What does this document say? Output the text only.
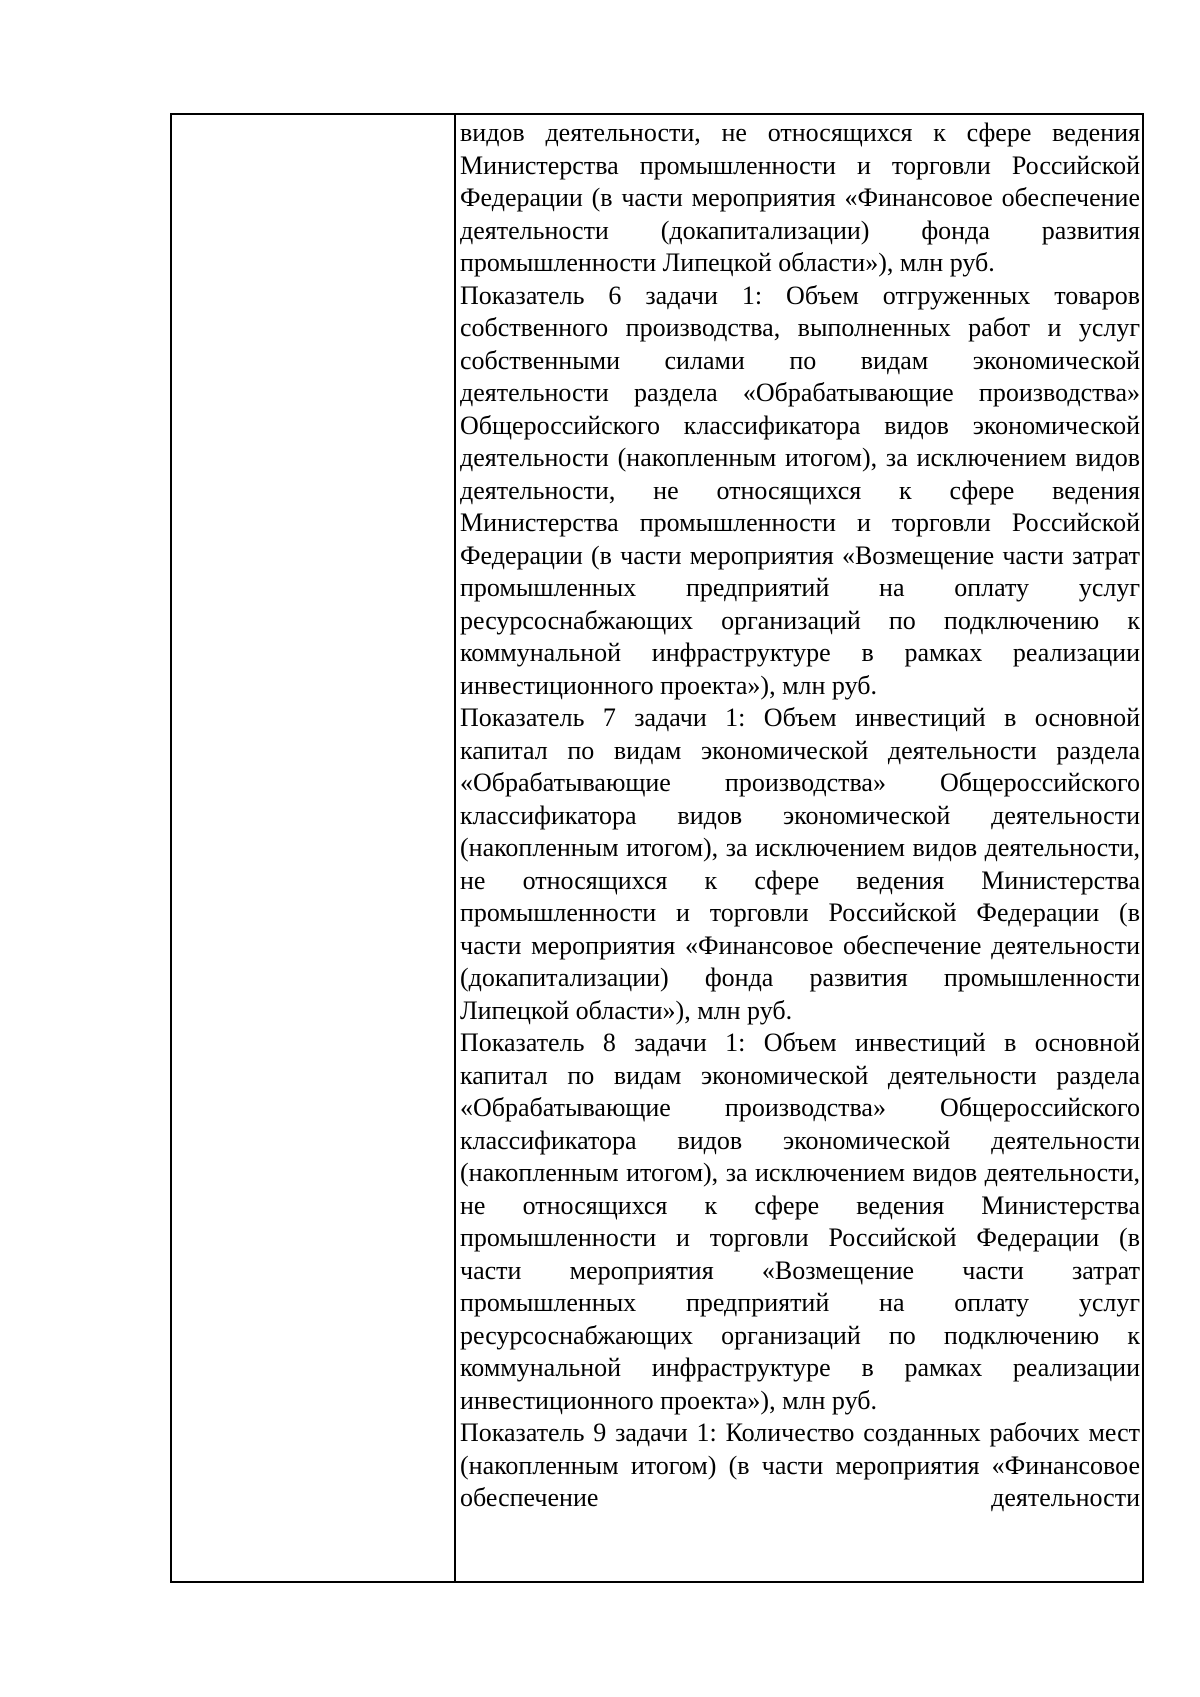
видов деятельности, не относящихся к сфере ведения Министерства промышленности и торговли Российской Федерации (в части мероприятия «Финансовое обеспечение деятельности (докапитализации) фонда развития промышленности Липецкой области»), млн руб.

Показатель 6 задачи 1: Объем отгруженных товаров собственного производства, выполненных работ и услуг собственными силами по видам экономической деятельности раздела «Обрабатывающие производства» Общероссийского классификатора видов экономической деятельности (накопленным итогом), за исключением видов деятельности, не относящихся к сфере ведения Министерства промышленности и торговли Российской Федерации (в части мероприятия «Возмещение части затрат промышленных предприятий на оплату услуг ресурсоснабжающих организаций по подключению к коммунальной инфраструктуре в рамках реализации инвестиционного проекта»), млн руб.

Показатель 7 задачи 1: Объем инвестиций в основной капитал по видам экономической деятельности раздела «Обрабатывающие производства» Общероссийского классификатора видов экономической деятельности (накопленным итогом), за исключением видов деятельности, не относящихся к сфере ведения Министерства промышленности и торговли Российской Федерации (в части мероприятия «Финансовое обеспечение деятельности (докапитализации) фонда развития промышленности Липецкой области»), млн руб.

Показатель 8 задачи 1: Объем инвестиций в основной капитал по видам экономической деятельности раздела «Обрабатывающие производства» Общероссийского классификатора видов экономической деятельности (накопленным итогом), за исключением видов деятельности, не относящихся к сфере ведения Министерства промышленности и торговли Российской Федерации (в части мероприятия «Возмещение части затрат промышленных предприятий на оплату услуг ресурсоснабжающих организаций по подключению к коммунальной инфраструктуре в рамках реализации инвестиционного проекта»), млн руб.

Показатель 9 задачи 1: Количество созданных рабочих мест (накопленным итогом) (в части мероприятия «Финансовое обеспечение деятельности
